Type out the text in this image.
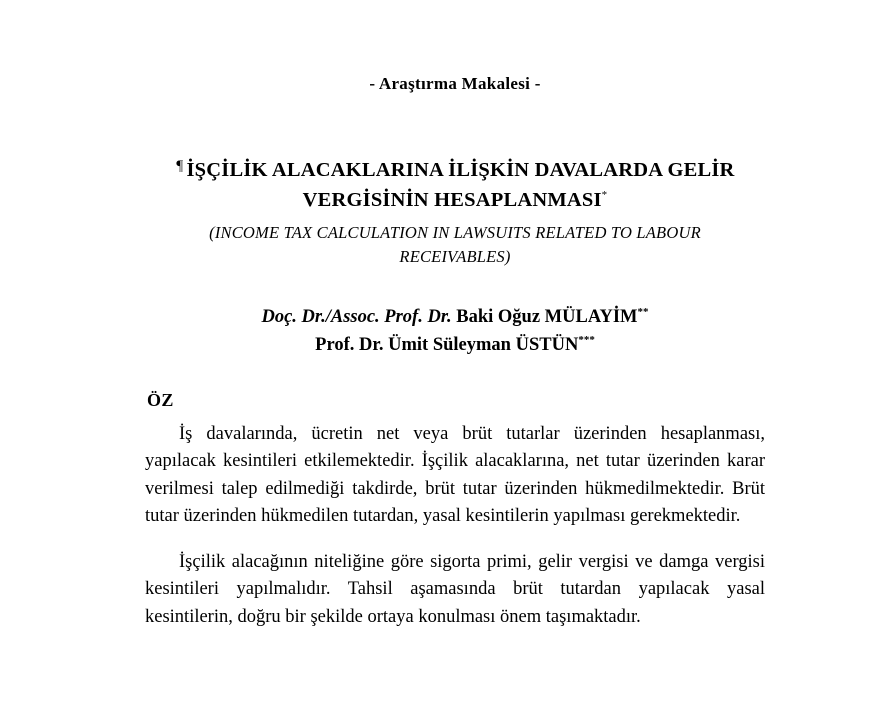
- Araştırma Makalesi -
¶ İŞÇİLİK ALACAKLARINA İLİŞKİN DAVALARDA GELİR
VERGİSİNİN HESAPLANMASI*
(INCOME TAX CALCULATION IN LAWSUITS RELATED TO LABOUR
RECEIVABLES)
Doç. Dr./Assoc. Prof. Dr. Baki Oğuz MÜLAYİM**
Prof. Dr. Ümit Süleyman ÜSTÜN***
ÖZ

İş davalarında, ücretin net veya brüt tutarlar üzerinden hesaplanması, yapılacak kesintileri etkilemektedir. İşçilik alacaklarına, net tutar üzerinden karar verilmesi talep edilmediği takdirde, brüt tutar üzerinden hükmedilmektedir. Brüt tutar üzerinden hükmedilen tutardan, yasal kesintilerin yapılması gerekmektedir.

İşçilik alacağının niteliğine göre sigorta primi, gelir vergisi ve damga vergisi kesintileri yapılmalıdır. Tahsil aşamasında brüt tutardan yapılacak yasal kesintilerin, doğru bir şekilde ortaya konulması önem taşımaktadır.
